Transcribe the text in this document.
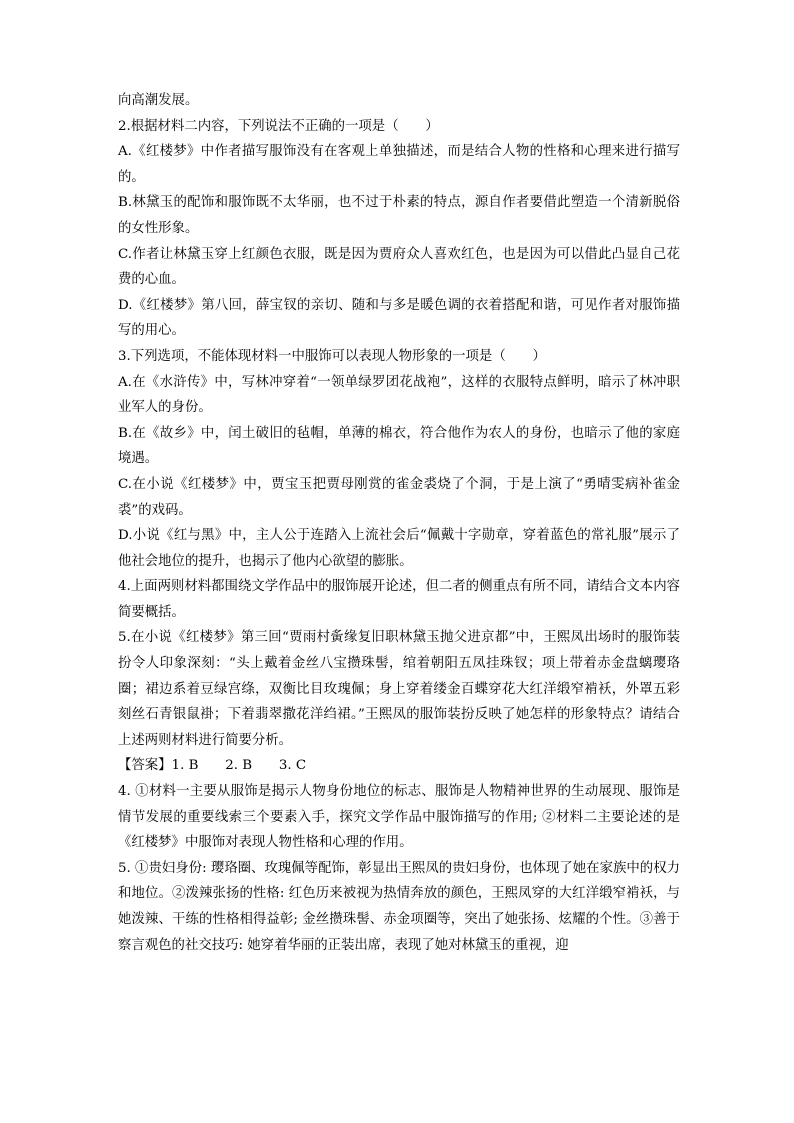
向高潮发展。

2.根据材料二内容，下列说法不正确的一项是（　　）

A.《红楼梦》中作者描写服饰没有在客观上单独描述，而是结合人物的性格和心理来进行描写的。

B.林黛玉的配饰和服饰既不太华丽，也不过于朴素的特点，源自作者要借此塑造一个清新脱俗的女性形象。

C.作者让林黛玉穿上红颜色衣服，既是因为贾府众人喜欢红色，也是因为可以借此凸显自己花费的心血。

D.《红楼梦》第八回，薛宝钗的亲切、随和与多是暖色调的衣着搭配和谐，可见作者对服饰描写的用心。

3.下列选项，不能体现材料一中服饰可以表现人物形象的一项是（　　）

A.在《水浒传》中，写林冲穿着“一领单绿罗团花战袍”，这样的衣服特点鲜明，暗示了林冲职业军人的身份。

B.在《故乡》中，闰土破旧的毡帽，单薄的棉衣，符合他作为农人的身份，也暗示了他的家庭境遇。

C.在小说《红楼梦》中，贾宝玉把贾母刚赏的雀金裘烧了个洞，于是上演了“勇晴雯病补雀金裘”的戏码。

D.小说《红与黑》中，主人公于连踏入上流社会后“佩戴十字勋章，穿着蓝色的常礼服”展示了他社会地位的提升，也揭示了他内心欲望的膨胀。

4.上面两则材料都围绕文学作品中的服饰展开论述，但二者的侧重点有所不同，请结合文本内容简要概括。

5.在小说《红楼梦》第三回“贾雨村夤缘复旧职林黛玉抛父进京都”中，王熙凤出场时的服饰装扮令人印象深刻：“头上戴着金丝八宝攒珠髻，绾着朝阳五凤挂珠钗；项上带着赤金盘螭璎珞圈；裙边系着豆绿宫绦，双衡比目玫瑰佩；身上穿着缕金百蝶穿花大红洋缎窄褃袄，外罩五彩刻丝石青银鼠褂；下着翡翠撒花洋绉裙。”王熙凤的服饰装扮反映了她怎样的形象特点？请结合上述两则材料进行简要分析。

【答案】1. B　　2. B　　3. C

4. ①材料一主要从服饰是揭示人物身份地位的标志、服饰是人物精神世界的生动展现、服饰是情节发展的重要线索三个要素入手，探究文学作品中服饰描写的作用; ②材料二主要论述的是《红楼梦》中服饰对表现人物性格和心理的作用。

5. ①贵妇身份: 璎珞圈、玫瑰佩等配饰，彰显出王熙凤的贵妇身份，也体现了她在家族中的权力和地位。②泼辣张扬的性格: 红色历来被视为热情奔放的颜色，王熙凤穿的大红洋缎窄褃袄，与她泼辣、干练的性格相得益彰; 金丝攒珠髻、赤金项圈等，突出了她张扬、炫耀的个性。③善于察言观色的社交技巧: 她穿着华丽的正装出席，表现了她对林黛玉的重视，迎
